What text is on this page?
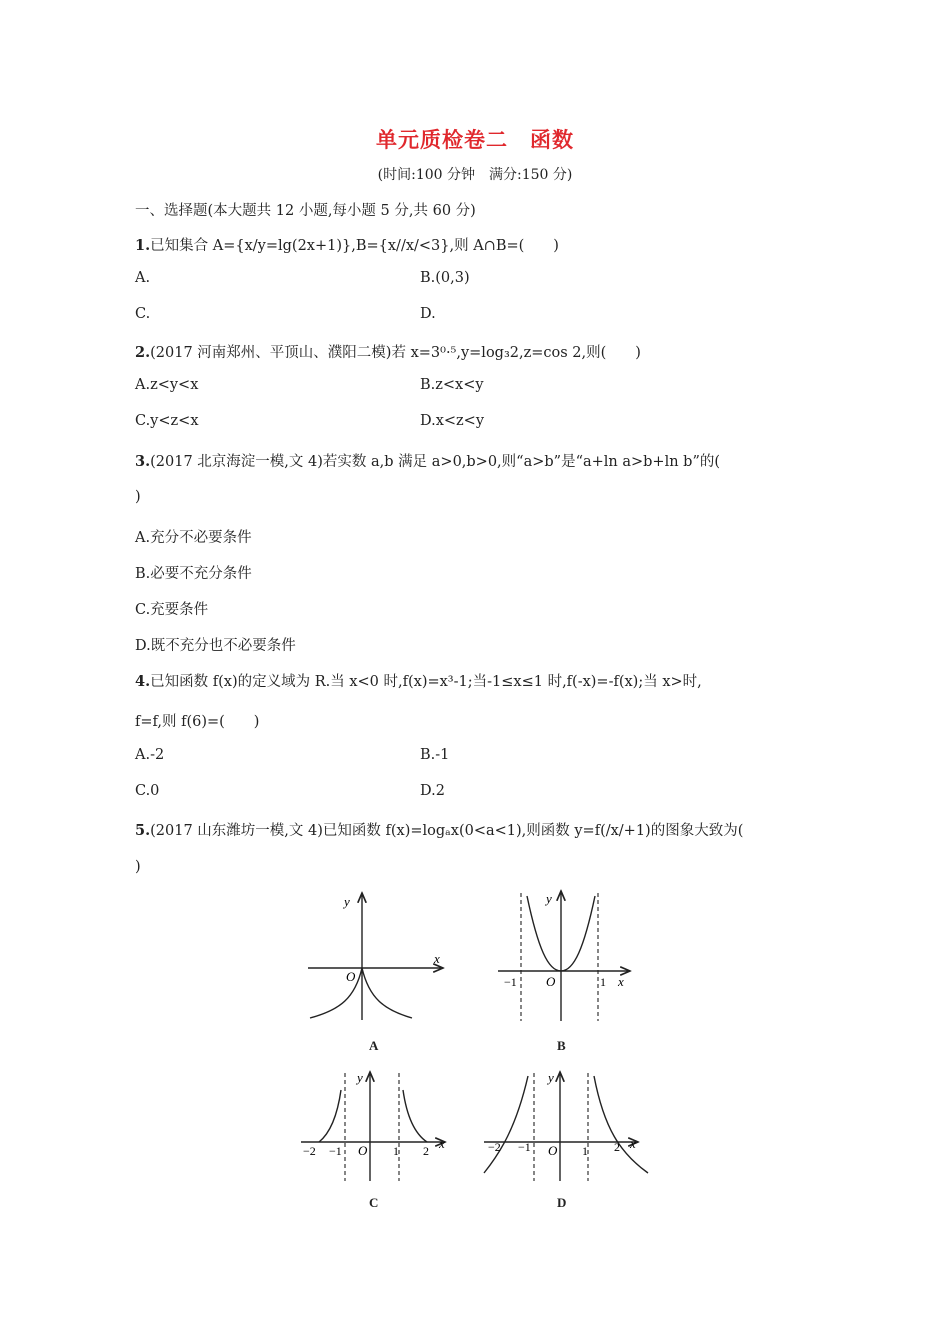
单元质检卷二　函数
(时间:100 分钟　满分:150 分)
一、选择题(本大题共 12 小题,每小题 5 分,共 60 分)
1.已知集合 A={x/y=lg(2x+1)},B={x//x/<3},则 A∩B=(　　)
A.	B.(0,3)
C.	D.
2.(2017 河南郑州、平顶山、濮阳二模)若 x=3⁰·⁵,y=log₃2,z=cos 2,则(　　)
A.z<y<x	B.z<x<y
C.y<z<x	D.x<z<y
3.(2017 北京海淀一模,文 4)若实数 a,b 满足 a>0,b>0,则“a>b”是“a+ln a>b+ln b”的(
)
A.充分不必要条件
B.必要不充分条件
C.充要条件
D.既不充分也不必要条件
4.已知函数 f(x)的定义域为 R.当 x<0 时,f(x)=x³-1;当-1≤x≤1 时,f(-x)=-f(x);当 x>时,
f=f,则 f(6)=(　　)
A.-2	B.-1
C.0	D.2
5.(2017 山东潍坊一模,文 4)已知函数 f(x)=logₐx(0<a<1),则函数 y=f(/x/+1)的图象大致为(
)
y
x
O
A
y
x
O
−1	1
B
y
x
O
−2 −1	1 2
C
y
x
O
−2 −1	1 2
D
